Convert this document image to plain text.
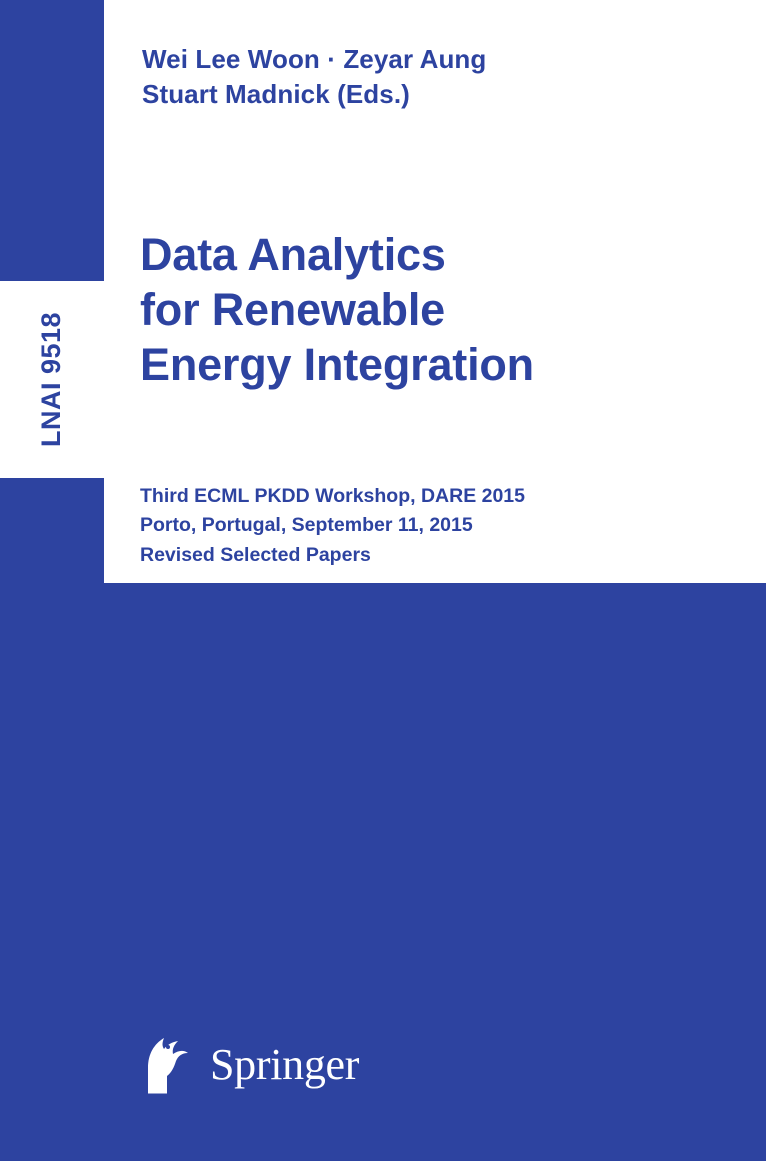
LNAI 9518
Wei Lee Woon · Zeyar Aung
Stuart Madnick (Eds.)
Data Analytics
for Renewable
Energy Integration
Third ECML PKDD Workshop, DARE 2015
Porto, Portugal, September 11, 2015
Revised Selected Papers
Springer
